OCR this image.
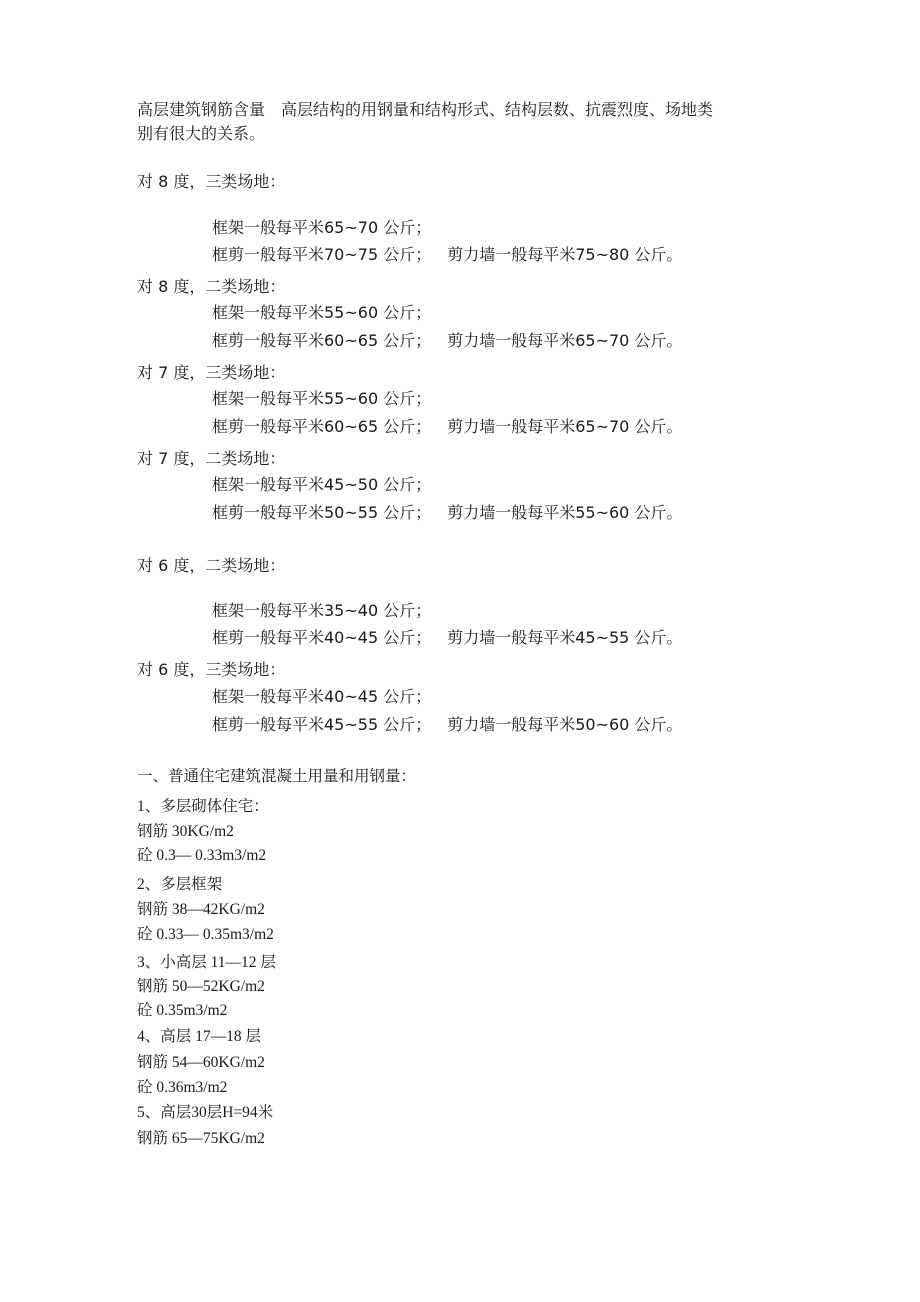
高层建筑钢筋含量　高层结构的用钢量和结构形式、结构层数、抗震烈度、场地类
别有很大的关系。
对 8 度，三类场地：
框架一般每平米65~70 公斤；
框剪一般每平米70~75 公斤； 剪力墙一般每平米75~80 公斤。
对 8 度，二类场地：
框架一般每平米55~60 公斤；
框剪一般每平米60~65 公斤； 剪力墙一般每平米65~70 公斤。
对 7 度，三类场地：
框架一般每平米55~60 公斤；
框剪一般每平米60~65 公斤； 剪力墙一般每平米65~70 公斤。
对 7 度，二类场地：
框架一般每平米45~50 公斤；
框剪一般每平米50~55 公斤； 剪力墙一般每平米55~60 公斤。
对 6 度，二类场地：
框架一般每平米35~40 公斤；
框剪一般每平米40~45 公斤； 剪力墙一般每平米45~55 公斤。
对 6 度，三类场地：
框架一般每平米40~45 公斤；
框剪一般每平米45~55 公斤； 剪力墙一般每平米50~60 公斤。
一、普通住宅建筑混凝土用量和用钢量：
1、多层砌体住宅：
钢筋 30KG/m2
砼 0.3— 0.33m3/m2
2、多层框架
钢筋 38—42KG/m2
砼 0.33— 0.35m3/m2
3、小高层 11—12 层
钢筋 50—52KG/m2
砼 0.35m3/m2
4、高层 17—18 层
钢筋 54—60KG/m2
砼 0.36m3/m2
5、高层30层H=94米
钢筋 65—75KG/m2
